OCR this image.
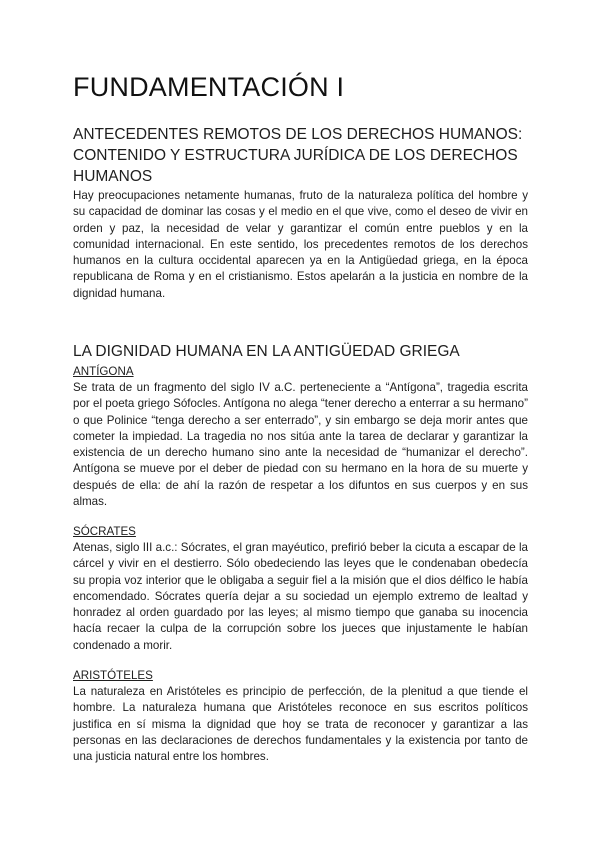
FUNDAMENTACIÓN I
ANTECEDENTES REMOTOS DE LOS DERECHOS HUMANOS: CONTENIDO Y ESTRUCTURA JURÍDICA DE LOS DERECHOS HUMANOS

Hay preocupaciones netamente humanas, fruto de la naturaleza política del hombre y su capacidad de dominar las cosas y el medio en el que vive, como el deseo de vivir en orden y paz, la necesidad de velar y garantizar el común entre pueblos y en la comunidad internacional. En este sentido, los precedentes remotos de los derechos humanos en la cultura occidental aparecen ya en la Antigüedad griega, en la época republicana de Roma y en el cristianismo. Estos apelarán a la justicia en nombre de la dignidad humana.

LA DIGNIDAD HUMANA EN LA ANTIGÜEDAD GRIEGA
ANTÍGONA

Se trata de un fragmento del siglo IV a.C. perteneciente a “Antígona”, tragedia escrita por el poeta griego Sófocles. Antígona no alega “tener derecho a enterrar a su hermano” o que Polinice “tenga derecho a ser enterrado”, y sin embargo se deja morir antes que cometer la impiedad. La tragedia no nos sitúa ante la tarea de declarar y garantizar la existencia de un derecho humano sino ante la necesidad de “humanizar el derecho”. Antígona se mueve por el deber de piedad con su hermano en la hora de su muerte y después de ella: de ahí la razón de respetar a los difuntos en sus cuerpos y en sus almas.

SÓCRATES

Atenas, siglo III a.c.: Sócrates, el gran mayéutico, prefirió beber la cicuta a escapar de la cárcel y vivir en el destierro. Sólo obedeciendo las leyes que le condenaban obedecía su propia voz interior que le obligaba a seguir fiel a la misión que el dios délfico le había encomendado. Sócrates quería dejar a su sociedad un ejemplo extremo de lealtad y honradez al orden guardado por las leyes; al mismo tiempo que ganaba su inocencia hacía recaer la culpa de la corrupción sobre los jueces que injustamente le habían condenado a morir.

ARISTÓTELES

La naturaleza en Aristóteles es principio de perfección, de la plenitud a que tiende el hombre. La naturaleza humana que Aristóteles reconoce en sus escritos políticos justifica en sí misma la dignidad que hoy se trata de reconocer y garantizar a las personas en las declaraciones de derechos fundamentales y la existencia por tanto de una justicia natural entre los hombres.
